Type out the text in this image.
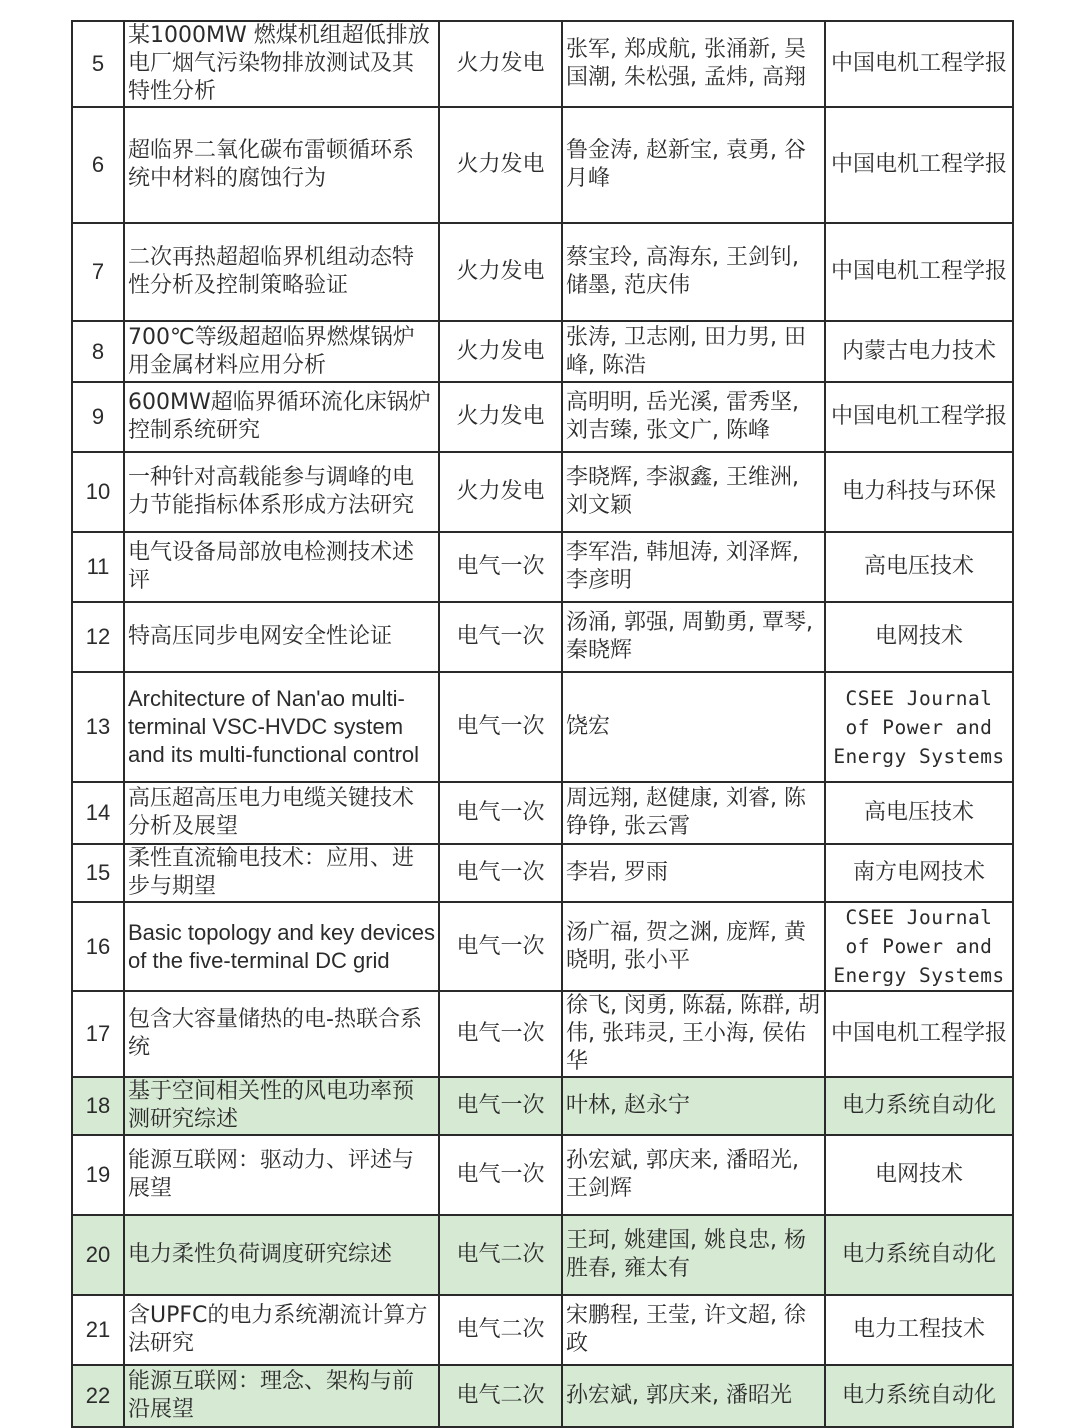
5	某1000MW 燃煤机组超低排放电厂烟气污染物排放测试及其特性分析	火力发电	张军, 郑成航, 张涌新, 吴国潮, 朱松强, 孟炜, 高翔	中国电机工程学报
6	超临界二氧化碳布雷顿循环系统中材料的腐蚀行为	火力发电	鲁金涛, 赵新宝, 袁勇, 谷月峰	中国电机工程学报
7	二次再热超超临界机组动态特性分析及控制策略验证	火力发电	蔡宝玲, 高海东, 王剑钊, 储墨, 范庆伟	中国电机工程学报
8	700℃等级超超临界燃煤锅炉用金属材料应用分析	火力发电	张涛, 卫志刚, 田力男, 田峰, 陈浩	内蒙古电力技术
9	600MW超临界循环流化床锅炉控制系统研究	火力发电	高明明, 岳光溪, 雷秀坚, 刘吉臻, 张文广, 陈峰	中国电机工程学报
10	一种针对高载能参与调峰的电力节能指标体系形成方法研究	火力发电	李晓辉, 李淑鑫, 王维洲, 刘文颖	电力科技与环保
11	电气设备局部放电检测技术述评	电气一次	李军浩, 韩旭涛, 刘泽辉, 李彦明	高电压技术
12	特高压同步电网安全性论证	电气一次	汤涌, 郭强, 周勤勇, 覃琴, 秦晓辉	电网技术
13	Architecture of Nan'ao multi-terminal VSC-HVDC system and its multi-functional control	电气一次	饶宏	CSEE Journal of Power and Energy Systems
14	高压超高压电力电缆关键技术分析及展望	电气一次	周远翔, 赵健康, 刘睿, 陈铮铮, 张云霄	高电压技术
15	柔性直流输电技术：应用、进步与期望	电气一次	李岩, 罗雨	南方电网技术
16	Basic topology and key devices of the five-terminal DC grid	电气一次	汤广福, 贺之渊, 庞辉, 黄晓明, 张小平	CSEE Journal of Power and Energy Systems
17	包含大容量储热的电-热联合系统	电气一次	徐飞, 闵勇, 陈磊, 陈群, 胡伟, 张玮灵, 王小海, 侯佑华	中国电机工程学报
18	基于空间相关性的风电功率预测研究综述	电气一次	叶林, 赵永宁	电力系统自动化
19	能源互联网：驱动力、评述与展望	电气一次	孙宏斌, 郭庆来, 潘昭光, 王剑辉	电网技术
20	电力柔性负荷调度研究综述	电气二次	王珂, 姚建国, 姚良忠, 杨胜春, 雍太有	电力系统自动化
21	含UPFC的电力系统潮流计算方法研究	电气二次	宋鹏程, 王莹, 许文超, 徐政	电力工程技术
22	能源互联网：理念、架构与前沿展望	电气二次	孙宏斌, 郭庆来, 潘昭光	电力系统自动化
